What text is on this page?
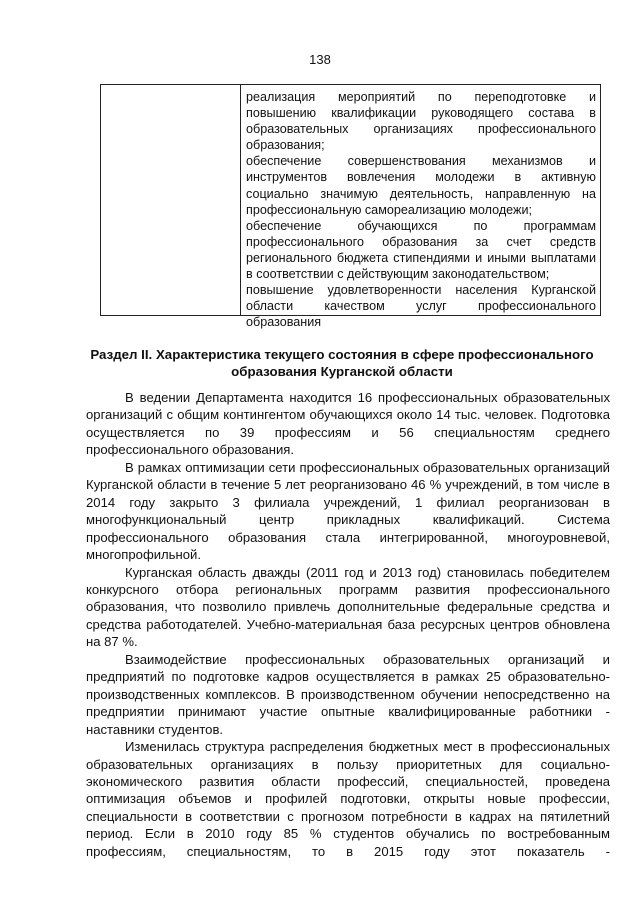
138

реализация мероприятий по переподготовке и

повышению квалификации руководящего состава в

образовательных организациях профессионального

образования;

обеспечение совершенствования механизмов и

инструментов вовлечения молодежи в активную

социально значимую деятельность, направленную на

профессиональную самореализацию молодежи;

обеспечение обучающихся по программам

профессионального образования за счет средств

регионального бюджета стипендиями и иными выплатами

в соответствии с действующим законодательством;

повышение удовлетворенности населения Курганской

области качеством услуг профессионального

образования

Раздел II. Характеристика текущего состояния в сфере профессионального
образования Курганской области

В ведении Департамента находится 16 профессиональных образовательных организаций с общим контингентом обучающихся около 14 тыс. человек. Подготовка осуществляется по 39 профессиям и 56 специальностям среднего профессионального образования.

В рамках оптимизации сети профессиональных образовательных организаций Курганской области в течение 5 лет реорганизовано 46 % учреждений, в том числе в 2014 году закрыто 3 филиала учреждений, 1 филиал реорганизован в многофункциональный центр прикладных квалификаций. Система профессионального образования стала интегрированной, многоуровневой, многопрофильной.

Курганская область дважды (2011 год и 2013 год) становилась победителем конкурсного отбора региональных программ развития профессионального образования, что позволило привлечь дополнительные федеральные средства и средства работодателей. Учебно-материальная база ресурсных центров обновлена на 87 %.

Взаимодействие профессиональных образовательных организаций и предприятий по подготовке кадров осуществляется в рамках 25 образовательно-производственных комплексов. В производственном обучении непосредственно на предприятии принимают участие опытные квалифицированные работники - наставники студентов.

Изменилась структура распределения бюджетных мест в профессиональных образовательных организациях в пользу приоритетных для социально-экономического развития области профессий, специальностей, проведена оптимизация объемов и профилей подготовки, открыты новые профессии, специальности в соответствии с прогнозом потребности в кадрах на пятилетний период. Если в 2010 году 85 % студентов обучались по востребованным профессиям, специальностям, то в 2015 году этот показатель -
